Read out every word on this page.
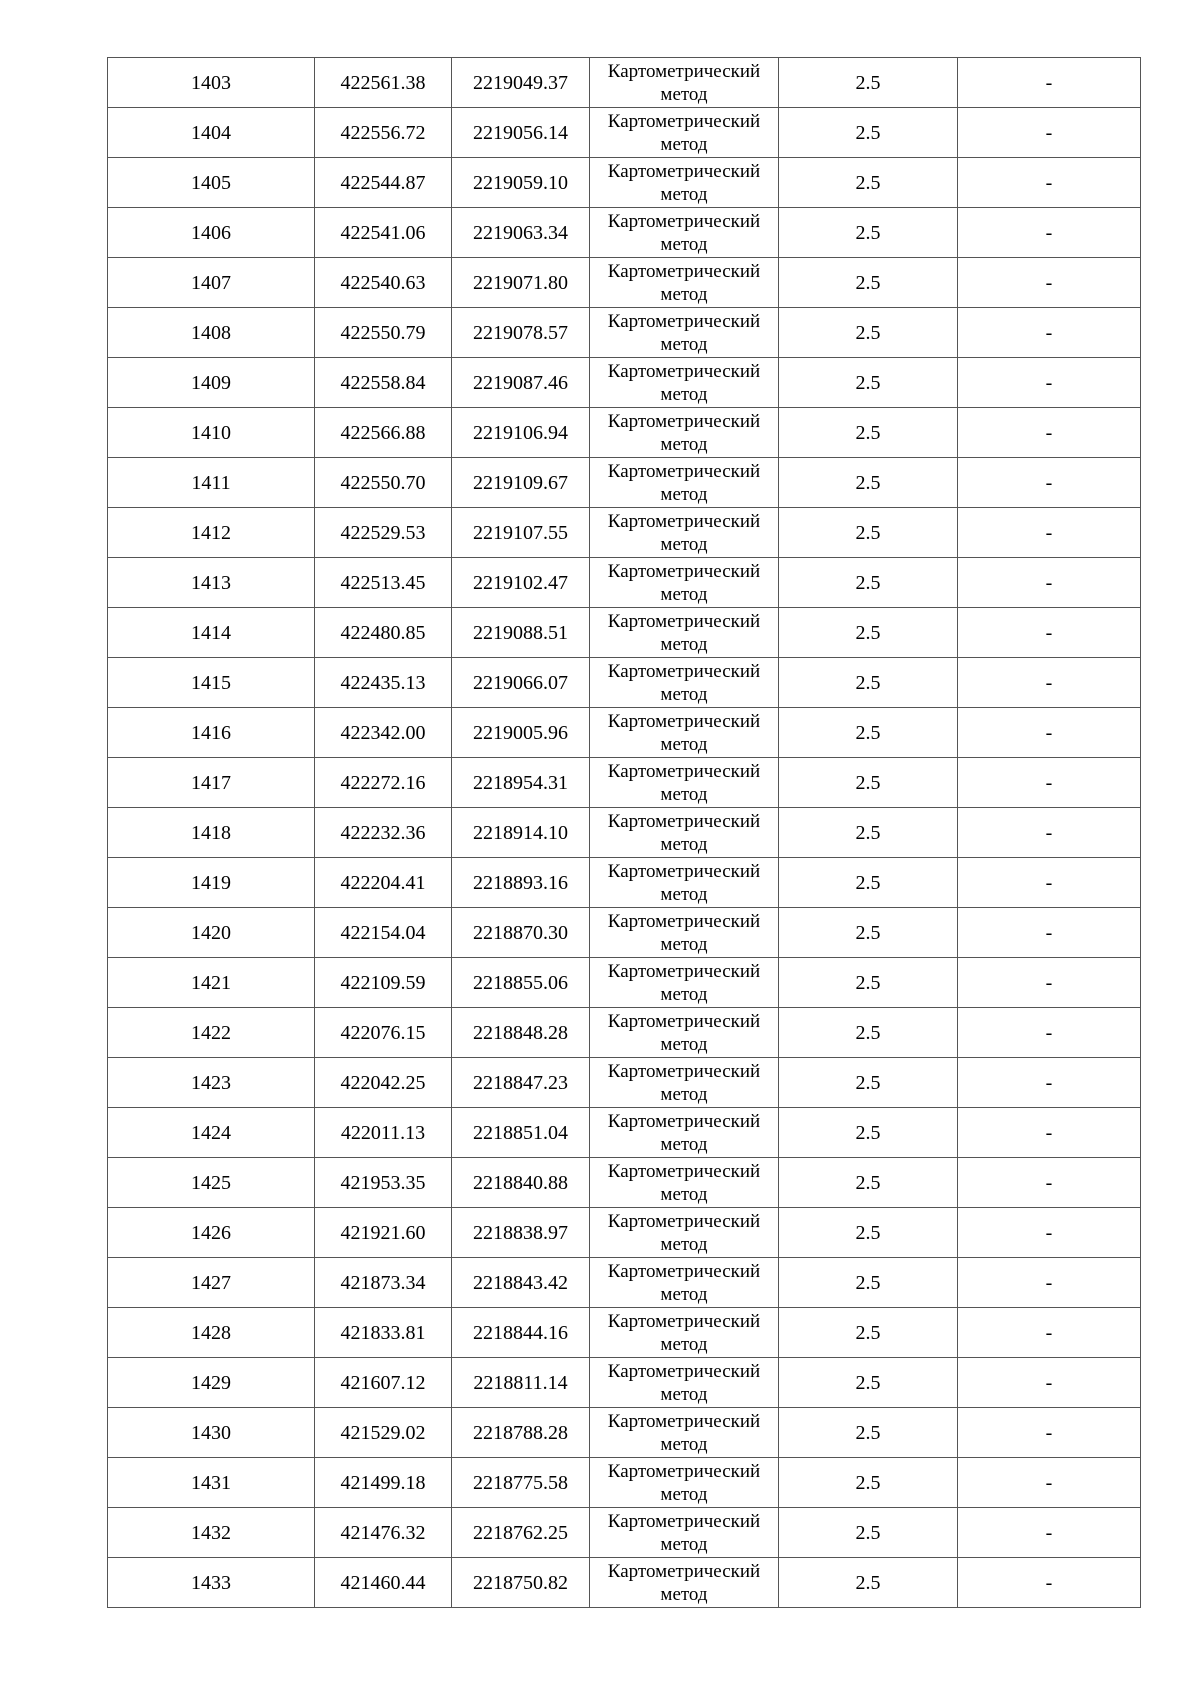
1403	422561.38	2219049.37	Картометрический метод	2.5	-
1404	422556.72	2219056.14	Картометрический метод	2.5	-
1405	422544.87	2219059.10	Картометрический метод	2.5	-
1406	422541.06	2219063.34	Картометрический метод	2.5	-
1407	422540.63	2219071.80	Картометрический метод	2.5	-
1408	422550.79	2219078.57	Картометрический метод	2.5	-
1409	422558.84	2219087.46	Картометрический метод	2.5	-
1410	422566.88	2219106.94	Картометрический метод	2.5	-
1411	422550.70	2219109.67	Картометрический метод	2.5	-
1412	422529.53	2219107.55	Картометрический метод	2.5	-
1413	422513.45	2219102.47	Картометрический метод	2.5	-
1414	422480.85	2219088.51	Картометрический метод	2.5	-
1415	422435.13	2219066.07	Картометрический метод	2.5	-
1416	422342.00	2219005.96	Картометрический метод	2.5	-
1417	422272.16	2218954.31	Картометрический метод	2.5	-
1418	422232.36	2218914.10	Картометрический метод	2.5	-
1419	422204.41	2218893.16	Картометрический метод	2.5	-
1420	422154.04	2218870.30	Картометрический метод	2.5	-
1421	422109.59	2218855.06	Картометрический метод	2.5	-
1422	422076.15	2218848.28	Картометрический метод	2.5	-
1423	422042.25	2218847.23	Картометрический метод	2.5	-
1424	422011.13	2218851.04	Картометрический метод	2.5	-
1425	421953.35	2218840.88	Картометрический метод	2.5	-
1426	421921.60	2218838.97	Картометрический метод	2.5	-
1427	421873.34	2218843.42	Картометрический метод	2.5	-
1428	421833.81	2218844.16	Картометрический метод	2.5	-
1429	421607.12	2218811.14	Картометрический метод	2.5	-
1430	421529.02	2218788.28	Картометрический метод	2.5	-
1431	421499.18	2218775.58	Картометрический метод	2.5	-
1432	421476.32	2218762.25	Картометрический метод	2.5	-
1433	421460.44	2218750.82	Картометрический метод	2.5	-
